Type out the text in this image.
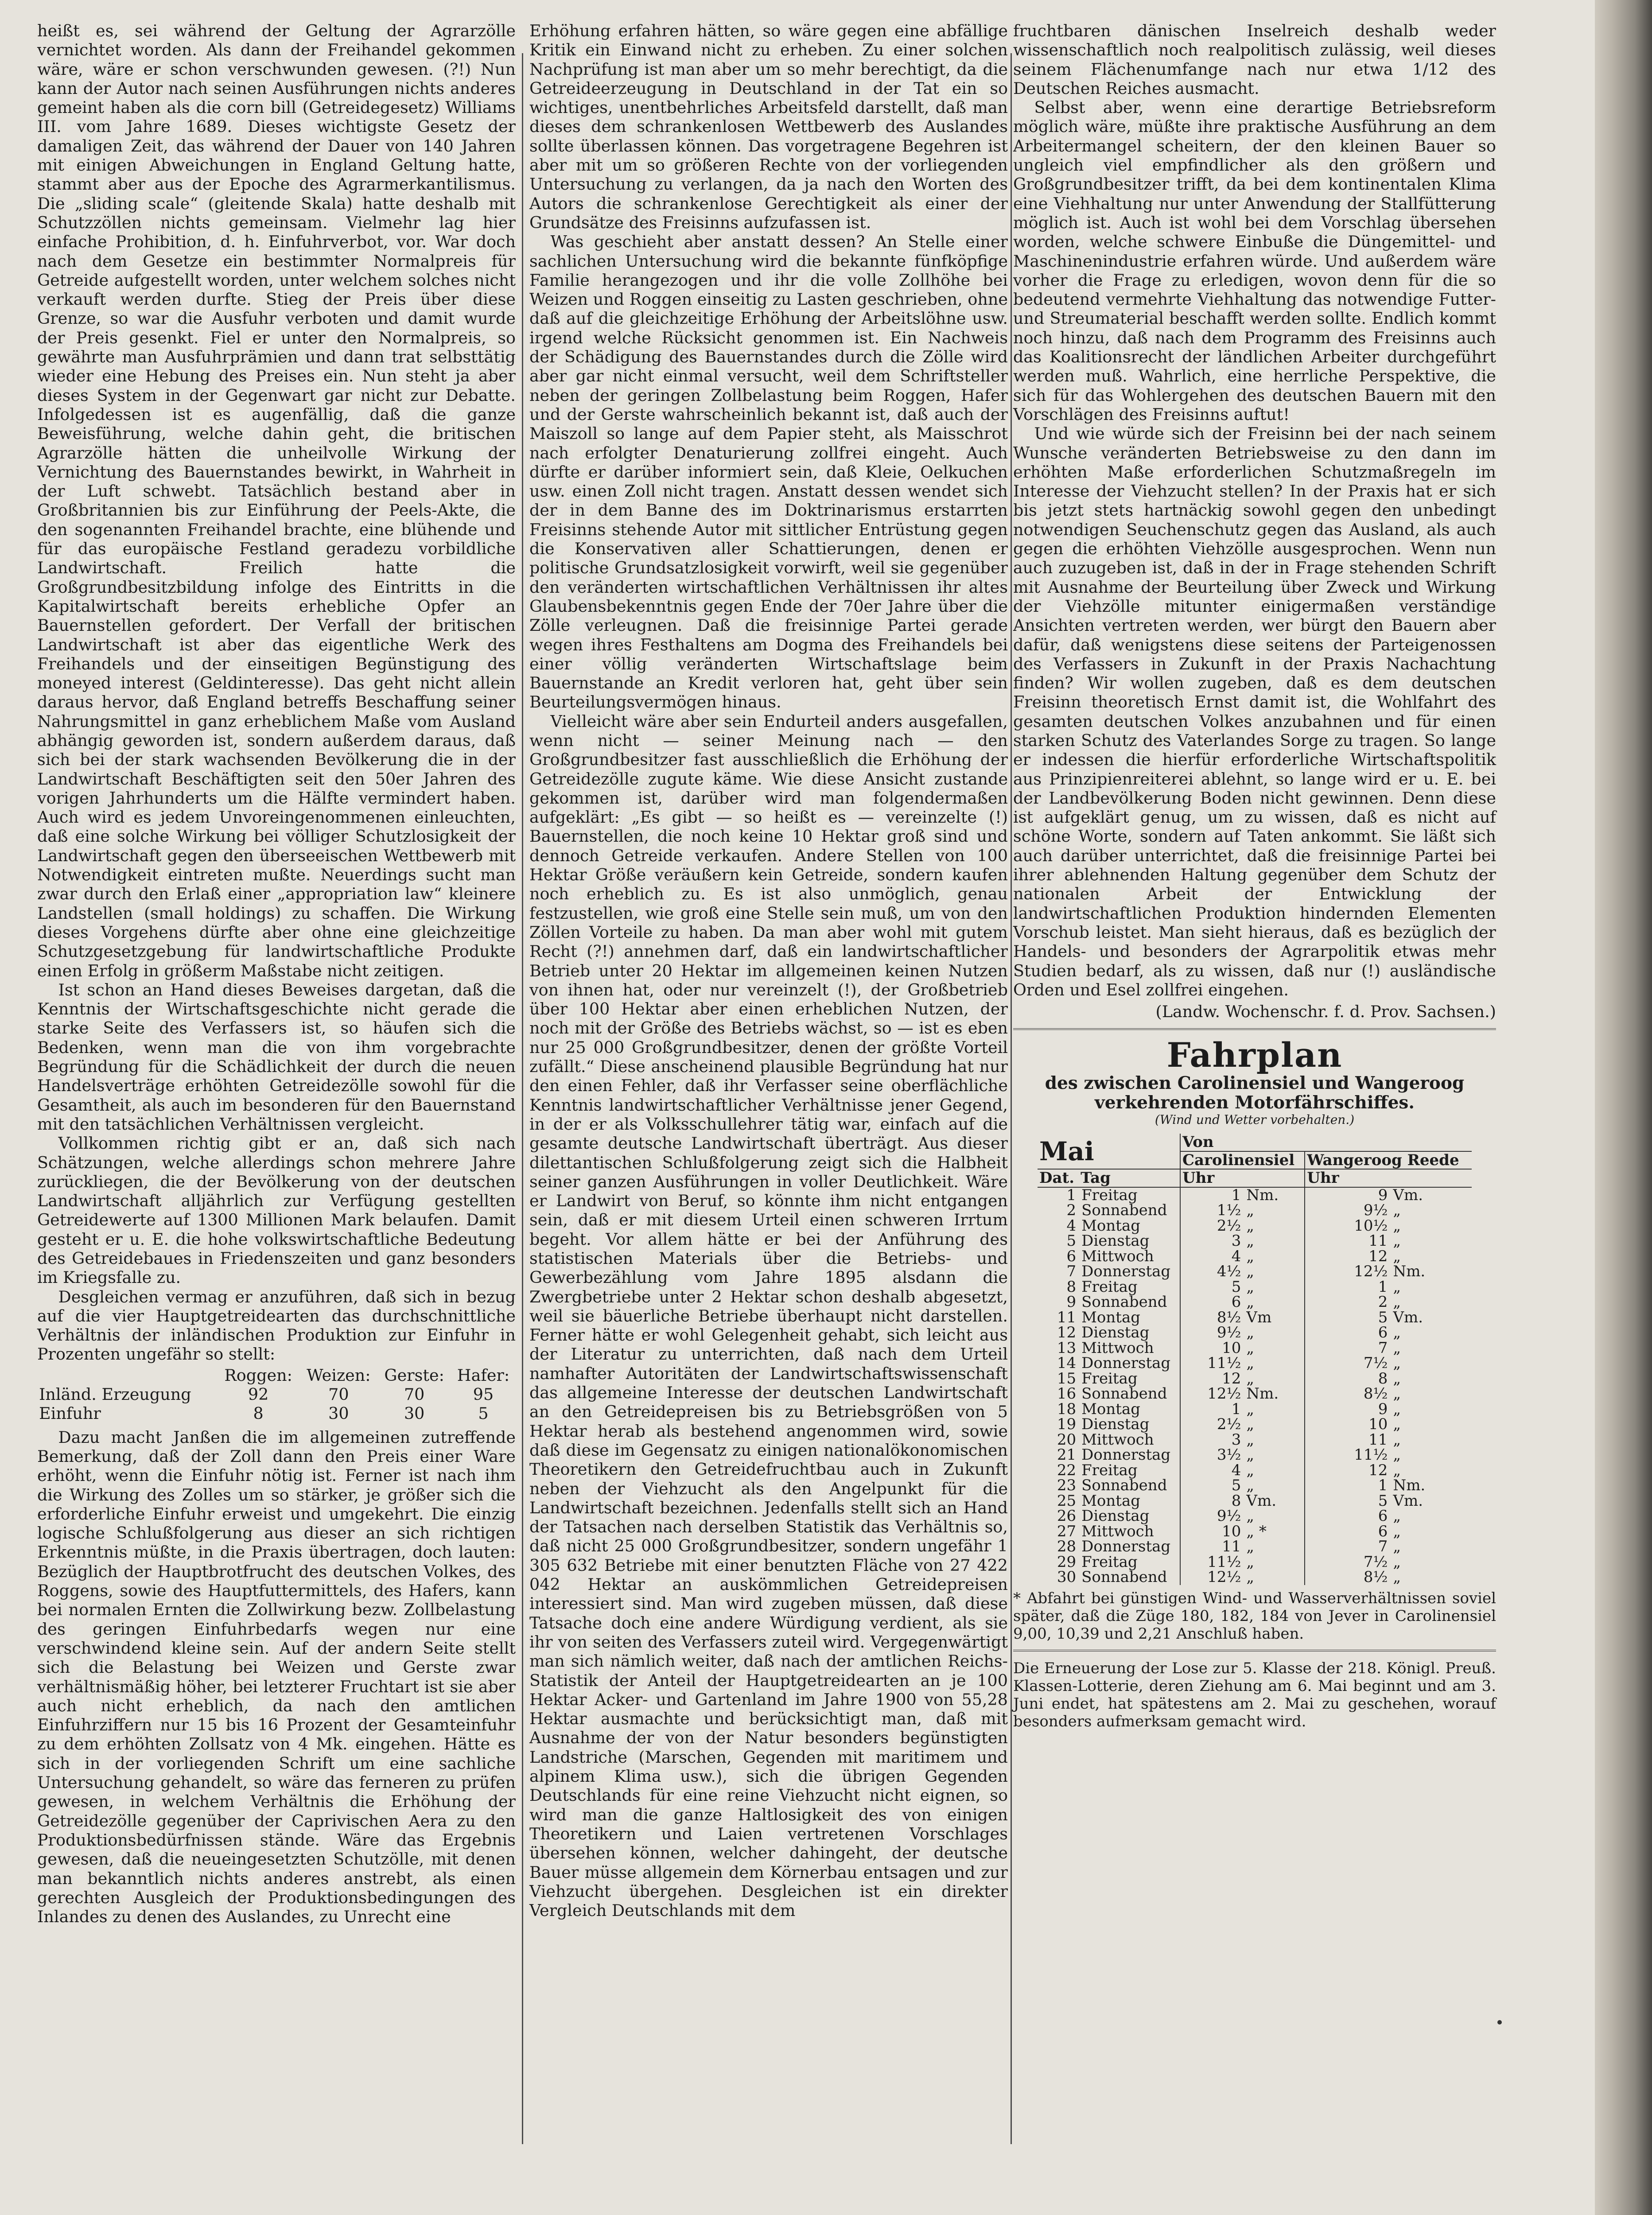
heißt es, sei während der Geltung der Agrarzölle vernichtet worden. Als dann der Freihandel gekommen wäre, wäre er schon verschwunden gewesen. (?!) Nun kann der Autor nach seinen Ausführungen nichts anderes gemeint haben als die corn bill (Getreidegesetz) Williams III. vom Jahre 1689. Dieses wichtigste Gesetz der damaligen Zeit, das während der Dauer von 140 Jahren mit einigen Abweichungen in England Geltung hatte, stammt aber aus der Epoche des Agrarmerkantilismus. Die „sliding scale“ (gleitende Skala) hatte deshalb mit Schutzzöllen nichts gemeinsam. Vielmehr lag hier einfache Prohibition, d. h. Einfuhrverbot, vor. War doch nach dem Gesetze ein bestimmter Normalpreis für Getreide aufgestellt worden, unter welchem solches nicht verkauft werden durfte. Stieg der Preis über diese Grenze, so war die Ausfuhr verboten und damit wurde der Preis gesenkt. Fiel er unter den Normalpreis, so gewährte man Ausfuhrprämien und dann trat selbsttätig wieder eine Hebung des Preises ein. Nun steht ja aber dieses System in der Gegenwart gar nicht zur Debatte. Infolgedessen ist es augenfällig, daß die ganze Beweisführung, welche dahin geht, die britischen Agrarzölle hätten die unheilvolle Wirkung der Vernichtung des Bauernstandes bewirkt, in Wahrheit in der Luft schwebt. Tatsächlich bestand aber in Großbritannien bis zur Einführung der Peels-Akte, die den sogenannten Freihandel brachte, eine blühende und für das europäische Festland geradezu vorbildliche Landwirtschaft. Freilich hatte die Großgrundbesitzbildung infolge des Eintritts in die Kapitalwirtschaft bereits erhebliche Opfer an Bauernstellen gefordert. Der Verfall der britischen Landwirtschaft ist aber das eigentliche Werk des Freihandels und der einseitigen Begünstigung des moneyed interest (Geldinteresse). Das geht nicht allein daraus hervor, daß England betreffs Beschaffung seiner Nahrungsmittel in ganz erheblichem Maße vom Ausland abhängig geworden ist, sondern außerdem daraus, daß sich bei der stark wachsenden Bevölkerung die in der Landwirtschaft Beschäftigten seit den 50er Jahren des vorigen Jahrhunderts um die Hälfte vermindert haben. Auch wird es jedem Unvoreingenommenen einleuchten, daß eine solche Wirkung bei völliger Schutzlosigkeit der Landwirtschaft gegen den überseeischen Wettbewerb mit Notwendigkeit eintreten mußte. Neuerdings sucht man zwar durch den Erlaß einer „appropriation law“ kleinere Landstellen (small holdings) zu schaffen. Die Wirkung dieses Vorgehens dürfte aber ohne eine gleichzeitige Schutzgesetzgebung für landwirtschaftliche Produkte einen Erfolg in größerm Maßstabe nicht zeitigen.

Ist schon an Hand dieses Beweises dargetan, daß die Kenntnis der Wirtschaftsgeschichte nicht gerade die starke Seite des Verfassers ist, so häufen sich die Bedenken, wenn man die von ihm vorgebrachte Begründung für die Schädlichkeit der durch die neuen Handelsverträge erhöhten Getreidezölle sowohl für die Gesamtheit, als auch im besonderen für den Bauernstand mit den tatsächlichen Verhältnissen vergleicht.

Vollkommen richtig gibt er an, daß sich nach Schätzungen, welche allerdings schon mehrere Jahre zurückliegen, die der Bevölkerung von der deutschen Landwirtschaft alljährlich zur Verfügung gestellten Getreidewerte auf 1300 Millionen Mark belaufen. Damit gesteht er u. E. die hohe volkswirtschaftliche Bedeutung des Getreidebaues in Friedenszeiten und ganz besonders im Kriegsfalle zu.

Desgleichen vermag er anzuführen, daß sich in bezug auf die vier Hauptgetreidearten das durchschnittliche Verhältnis der inländischen Produktion zur Einfuhr in Prozenten ungefähr so stellt:

	Roggen:	Weizen:	Gerste:	Hafer:
Inländ. Erzeugung	92	70	70	95
Einfuhr	8	30	30	5

Dazu macht Janßen die im allgemeinen zutreffende Bemerkung, daß der Zoll dann den Preis einer Ware erhöht, wenn die Einfuhr nötig ist. Ferner ist nach ihm die Wirkung des Zolles um so stärker, je größer sich die erforderliche Einfuhr erweist und umgekehrt. Die einzig logische Schlußfolgerung aus dieser an sich richtigen Erkenntnis müßte, in die Praxis übertragen, doch lauten: Bezüglich der Hauptbrotfrucht des deutschen Volkes, des Roggens, sowie des Hauptfuttermittels, des Hafers, kann bei normalen Ernten die Zollwirkung bezw. Zollbelastung des geringen Einfuhrbedarfs wegen nur eine verschwindend kleine sein. Auf der andern Seite stellt sich die Belastung bei Weizen und Gerste zwar verhältnismäßig höher, bei letzterer Fruchtart ist sie aber auch nicht erheblich, da nach den amtlichen Einfuhrziffern nur 15 bis 16 Prozent der Gesamteinfuhr zu dem erhöhten Zollsatz von 4 Mk. eingehen. Hätte es sich in der vorliegenden Schrift um eine sachliche Untersuchung gehandelt, so wäre das ferneren zu prüfen gewesen, in welchem Verhältnis die Erhöhung der Getreidezölle gegenüber der Caprivischen Aera zu den Produktionsbedürfnissen stände. Wäre das Ergebnis gewesen, daß die neueingesetzten Schutzölle, mit denen man bekanntlich nichts anderes anstrebt, als einen gerechten Ausgleich der Produktionsbedingungen des Inlandes zu denen des Auslandes, zu Unrecht eine

Erhöhung erfahren hätten, so wäre gegen eine abfällige Kritik ein Einwand nicht zu erheben. Zu einer solchen Nachprüfung ist man aber um so mehr berechtigt, da die Getreideerzeugung in Deutschland in der Tat ein so wichtiges, unentbehrliches Arbeitsfeld darstellt, daß man dieses dem schrankenlosen Wettbewerb des Auslandes sollte überlassen können. Das vorgetragene Begehren ist aber mit um so größeren Rechte von der vorliegenden Untersuchung zu verlangen, da ja nach den Worten des Autors die schrankenlose Gerechtigkeit als einer der Grundsätze des Freisinns aufzufassen ist.

Was geschieht aber anstatt dessen? An Stelle einer sachlichen Untersuchung wird die bekannte fünfköpfige Familie herangezogen und ihr die volle Zollhöhe bei Weizen und Roggen einseitig zu Lasten geschrieben, ohne daß auf die gleichzeitige Erhöhung der Arbeitslöhne usw. irgend welche Rücksicht genommen ist. Ein Nachweis der Schädigung des Bauernstandes durch die Zölle wird aber gar nicht einmal versucht, weil dem Schriftsteller neben der geringen Zollbelastung beim Roggen, Hafer und der Gerste wahrscheinlich bekannt ist, daß auch der Maiszoll so lange auf dem Papier steht, als Maisschrot nach erfolgter Denaturierung zollfrei eingeht. Auch dürfte er darüber informiert sein, daß Kleie, Oelkuchen usw. einen Zoll nicht tragen. Anstatt dessen wendet sich der in dem Banne des im Doktrinarismus erstarrten Freisinns stehende Autor mit sittlicher Entrüstung gegen die Konservativen aller Schattierungen, denen er politische Grundsatzlosigkeit vorwirft, weil sie gegenüber den veränderten wirtschaftlichen Verhältnissen ihr altes Glaubensbekenntnis gegen Ende der 70er Jahre über die Zölle verleugnen. Daß die freisinnige Partei gerade wegen ihres Festhaltens am Dogma des Freihandels bei einer völlig veränderten Wirtschaftslage beim Bauernstande an Kredit verloren hat, geht über sein Beurteilungsvermögen hinaus.

Vielleicht wäre aber sein Endurteil anders ausgefallen, wenn nicht — seiner Meinung nach — den Großgrundbesitzer fast ausschließlich die Erhöhung der Getreidezölle zugute käme. Wie diese Ansicht zustande gekommen ist, darüber wird man folgendermaßen aufgeklärt: „Es gibt — so heißt es — vereinzelte (!) Bauernstellen, die noch keine 10 Hektar groß sind und dennoch Getreide verkaufen. Andere Stellen von 100 Hektar Größe veräußern kein Getreide, sondern kaufen noch erheblich zu. Es ist also unmöglich, genau festzustellen, wie groß eine Stelle sein muß, um von den Zöllen Vorteile zu haben. Da man aber wohl mit gutem Recht (?!) annehmen darf, daß ein landwirtschaftlicher Betrieb unter 20 Hektar im allgemeinen keinen Nutzen von ihnen hat, oder nur vereinzelt (!), der Großbetrieb über 100 Hektar aber einen erheblichen Nutzen, der noch mit der Größe des Betriebs wächst, so — ist es eben nur 25 000 Großgrundbesitzer, denen der größte Vorteil zufällt.“ Diese anscheinend plausible Begründung hat nur den einen Fehler, daß ihr Verfasser seine oberflächliche Kenntnis landwirtschaftlicher Verhältnisse jener Gegend, in der er als Volksschullehrer tätig war, einfach auf die gesamte deutsche Landwirtschaft überträgt. Aus dieser dilettantischen Schlußfolgerung zeigt sich die Halbheit seiner ganzen Ausführungen in voller Deutlichkeit. Wäre er Landwirt von Beruf, so könnte ihm nicht entgangen sein, daß er mit diesem Urteil einen schweren Irrtum begeht. Vor allem hätte er bei der Anführung des statistischen Materials über die Betriebs- und Gewerbezählung vom Jahre 1895 alsdann die Zwergbetriebe unter 2 Hektar schon deshalb abgesetzt, weil sie bäuerliche Betriebe überhaupt nicht darstellen. Ferner hätte er wohl Gelegenheit gehabt, sich leicht aus der Literatur zu unterrichten, daß nach dem Urteil namhafter Autoritäten der Landwirtschaftswissenschaft das allgemeine Interesse der deutschen Landwirtschaft an den Getreidepreisen bis zu Betriebsgrößen von 5 Hektar herab als bestehend angenommen wird, sowie daß diese im Gegensatz zu einigen nationalökonomischen Theoretikern den Getreidefruchtbau auch in Zukunft neben der Viehzucht als den Angelpunkt für die Landwirtschaft bezeichnen. Jedenfalls stellt sich an Hand der Tatsachen nach derselben Statistik das Verhältnis so, daß nicht 25 000 Großgrundbesitzer, sondern ungefähr 1 305 632 Betriebe mit einer benutzten Fläche von 27 422 042 Hektar an auskömmlichen Getreidepreisen interessiert sind. Man wird zugeben müssen, daß diese Tatsache doch eine andere Würdigung verdient, als sie ihr von seiten des Verfassers zuteil wird. Vergegenwärtigt man sich nämlich weiter, daß nach der amtlichen Reichs-Statistik der Anteil der Hauptgetreidearten an je 100 Hektar Acker- und Gartenland im Jahre 1900 von 55,28 Hektar ausmachte und berücksichtigt man, daß mit Ausnahme der von der Natur besonders begünstigten Landstriche (Marschen, Gegenden mit maritimem und alpinem Klima usw.), sich die übrigen Gegenden Deutschlands für eine reine Viehzucht nicht eignen, so wird man die ganze Haltlosigkeit des von einigen Theoretikern und Laien vertretenen Vorschlages übersehen können, welcher dahingeht, der deutsche Bauer müsse allgemein dem Körnerbau entsagen und zur Viehzucht übergehen. Desgleichen ist ein direkter Vergleich Deutschlands mit dem

fruchtbaren dänischen Inselreich deshalb weder wissenschaftlich noch realpolitisch zulässig, weil dieses seinem Flächenumfange nach nur etwa 1/12 des Deutschen Reiches ausmacht.

Selbst aber, wenn eine derartige Betriebsreform möglich wäre, müßte ihre praktische Ausführung an dem Arbeitermangel scheitern, der den kleinen Bauer so ungleich viel empfindlicher als den größern und Großgrundbesitzer trifft, da bei dem kontinentalen Klima eine Viehhaltung nur unter Anwendung der Stallfütterung möglich ist. Auch ist wohl bei dem Vorschlag übersehen worden, welche schwere Einbuße die Düngemittel- und Maschinenindustrie erfahren würde. Und außerdem wäre vorher die Frage zu erledigen, wovon denn für die so bedeutend vermehrte Viehhaltung das notwendige Futter- und Streumaterial beschafft werden sollte. Endlich kommt noch hinzu, daß nach dem Programm des Freisinns auch das Koalitionsrecht der ländlichen Arbeiter durchgeführt werden muß. Wahrlich, eine herrliche Perspektive, die sich für das Wohlergehen des deutschen Bauern mit den Vorschlägen des Freisinns auftut!

Und wie würde sich der Freisinn bei der nach seinem Wunsche veränderten Betriebsweise zu den dann im erhöhten Maße erforderlichen Schutzmaßregeln im Interesse der Viehzucht stellen? In der Praxis hat er sich bis jetzt stets hartnäckig sowohl gegen den unbedingt notwendigen Seuchenschutz gegen das Ausland, als auch gegen die erhöhten Viehzölle ausgesprochen. Wenn nun auch zuzugeben ist, daß in der in Frage stehenden Schrift mit Ausnahme der Beurteilung über Zweck und Wirkung der Viehzölle mitunter einigermaßen verständige Ansichten vertreten werden, wer bürgt den Bauern aber dafür, daß wenigstens diese seitens der Parteigenossen des Verfassers in Zukunft in der Praxis Nachachtung finden? Wir wollen zugeben, daß es dem deutschen Freisinn theoretisch Ernst damit ist, die Wohlfahrt des gesamten deutschen Volkes anzubahnen und für einen starken Schutz des Vaterlandes Sorge zu tragen. So lange er indessen die hierfür erforderliche Wirtschaftspolitik aus Prinzipienreiterei ablehnt, so lange wird er u. E. bei der Landbevölkerung Boden nicht gewinnen. Denn diese ist aufgeklärt genug, um zu wissen, daß es nicht auf schöne Worte, sondern auf Taten ankommt. Sie läßt sich auch darüber unterrichtet, daß die freisinnige Partei bei ihrer ablehnenden Haltung gegenüber dem Schutz der nationalen Arbeit der Entwicklung der landwirtschaftlichen Produktion hindernden Elementen Vorschub leistet. Man sieht hieraus, daß es bezüglich der Handels- und besonders der Agrarpolitik etwas mehr Studien bedarf, als zu wissen, daß nur (!) ausländische Orden und Esel zollfrei eingehen.

(Landw. Wochenschr. f. d. Prov. Sachsen.)
Fahrplan
des zwischen Carolinensiel und Wangeroog
verkehrenden Motorfährschiffes.
(Wind und Wetter vorbehalten.)
Mai		Von			
		Carolinensiel		Wangeroog Reede	
Dat.	Tag	Uhr		Uhr	
1	Freitag	1	Nm.	9	Vm.
2	Sonnabend	1½	„	9½	„
4	Montag	2½	„	10½	„
5	Dienstag	3	„	11	„
6	Mittwoch	4	„	12	„
7	Donnerstag	4½	„	12½	Nm.
8	Freitag	5	„	1	„
9	Sonnabend	6	„	2	„
11	Montag	8½	Vm	5	Vm.
12	Dienstag	9½	„	6	„
13	Mittwoch	10	„	7	„
14	Donnerstag	11½	„	7½	„
15	Freitag	12	„	8	„
16	Sonnabend	12½	Nm.	8½	„
18	Montag	1	„	9	„
19	Dienstag	2½	„	10	„
20	Mittwoch	3	„	11	„
21	Donnerstag	3½	„	11½	„
22	Freitag	4	„	12	„
23	Sonnabend	5	„	1	Nm.
25	Montag	8	Vm.	5	Vm.
26	Dienstag	9½	„	6	„
27	Mittwoch	10	„ *	6	„
28	Donnerstag	11	„	7	„
29	Freitag	11½	„	7½	„
30	Sonnabend	12½	„	8½	„
* Abfahrt bei günstigen Wind- und Wasserverhältnissen soviel später, daß die Züge 180, 182, 184 von Jever in Carolinensiel 9,00, 10,39 und 2,21 Anschluß haben.
Die Erneuerung der Lose zur 5. Klasse der 218. Königl. Preuß. Klassen-Lotterie, deren Ziehung am 6. Mai beginnt und am 3. Juni endet, hat spätestens am 2. Mai zu geschehen, worauf besonders aufmerksam gemacht wird.
